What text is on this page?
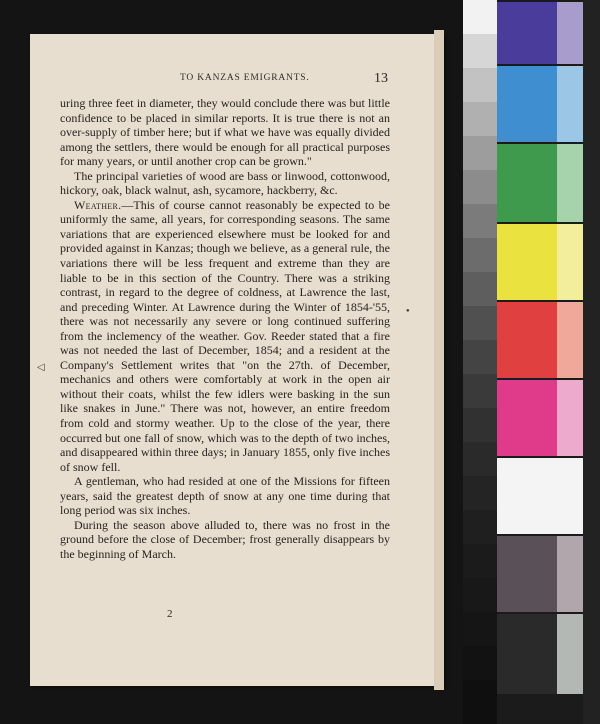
TO KANZAS EMIGRANTS.	13

uring three feet in diameter, they would conclude there was but little confidence to be placed in similar reports. It is true there is not an over-supply of timber here; but if what we have was equally divided among the settlers, there would be enough for all practical purposes for many years, or until another crop can be grown."

The principal varieties of wood are bass or linwood, cottonwood, hickory, oak, black walnut, ash, sycamore, hackberry, &c.

Weather.—This of course cannot reasonably be expected to be uniformly the same, all years, for corresponding seasons. The same variations that are experienced elsewhere must be looked for and provided against in Kanzas; though we believe, as a general rule, the variations there will be less frequent and extreme than they are liable to be in this section of the Country. There was a striking contrast, in regard to the degree of coldness, at Lawrence the last, and preceding Winter. At Lawrence during the Winter of 1854-'55, there was not necessarily any severe or long continued suffering from the inclemency of the weather. Gov. Reeder stated that a fire was not needed the last of December, 1854; and a resident at the Company's Settlement writes that "on the 27th. of December, mechanics and others were comfortably at work in the open air without their coats, whilst the few idlers were basking in the sun like snakes in June." There was not, however, an entire freedom from cold and stormy weather. Up to the close of the year, there occurred but one fall of snow, which was to the depth of two inches, and disappeared within three days; in January 1855, only five inches of snow fell.

A gentleman, who had resided at one of the Missions for fifteen years, said the greatest depth of snow at any one time during that long period was six inches.

During the season above alluded to, there was no frost in the ground before the close of December; frost generally disappears by the beginning of March.

2
◁
●
